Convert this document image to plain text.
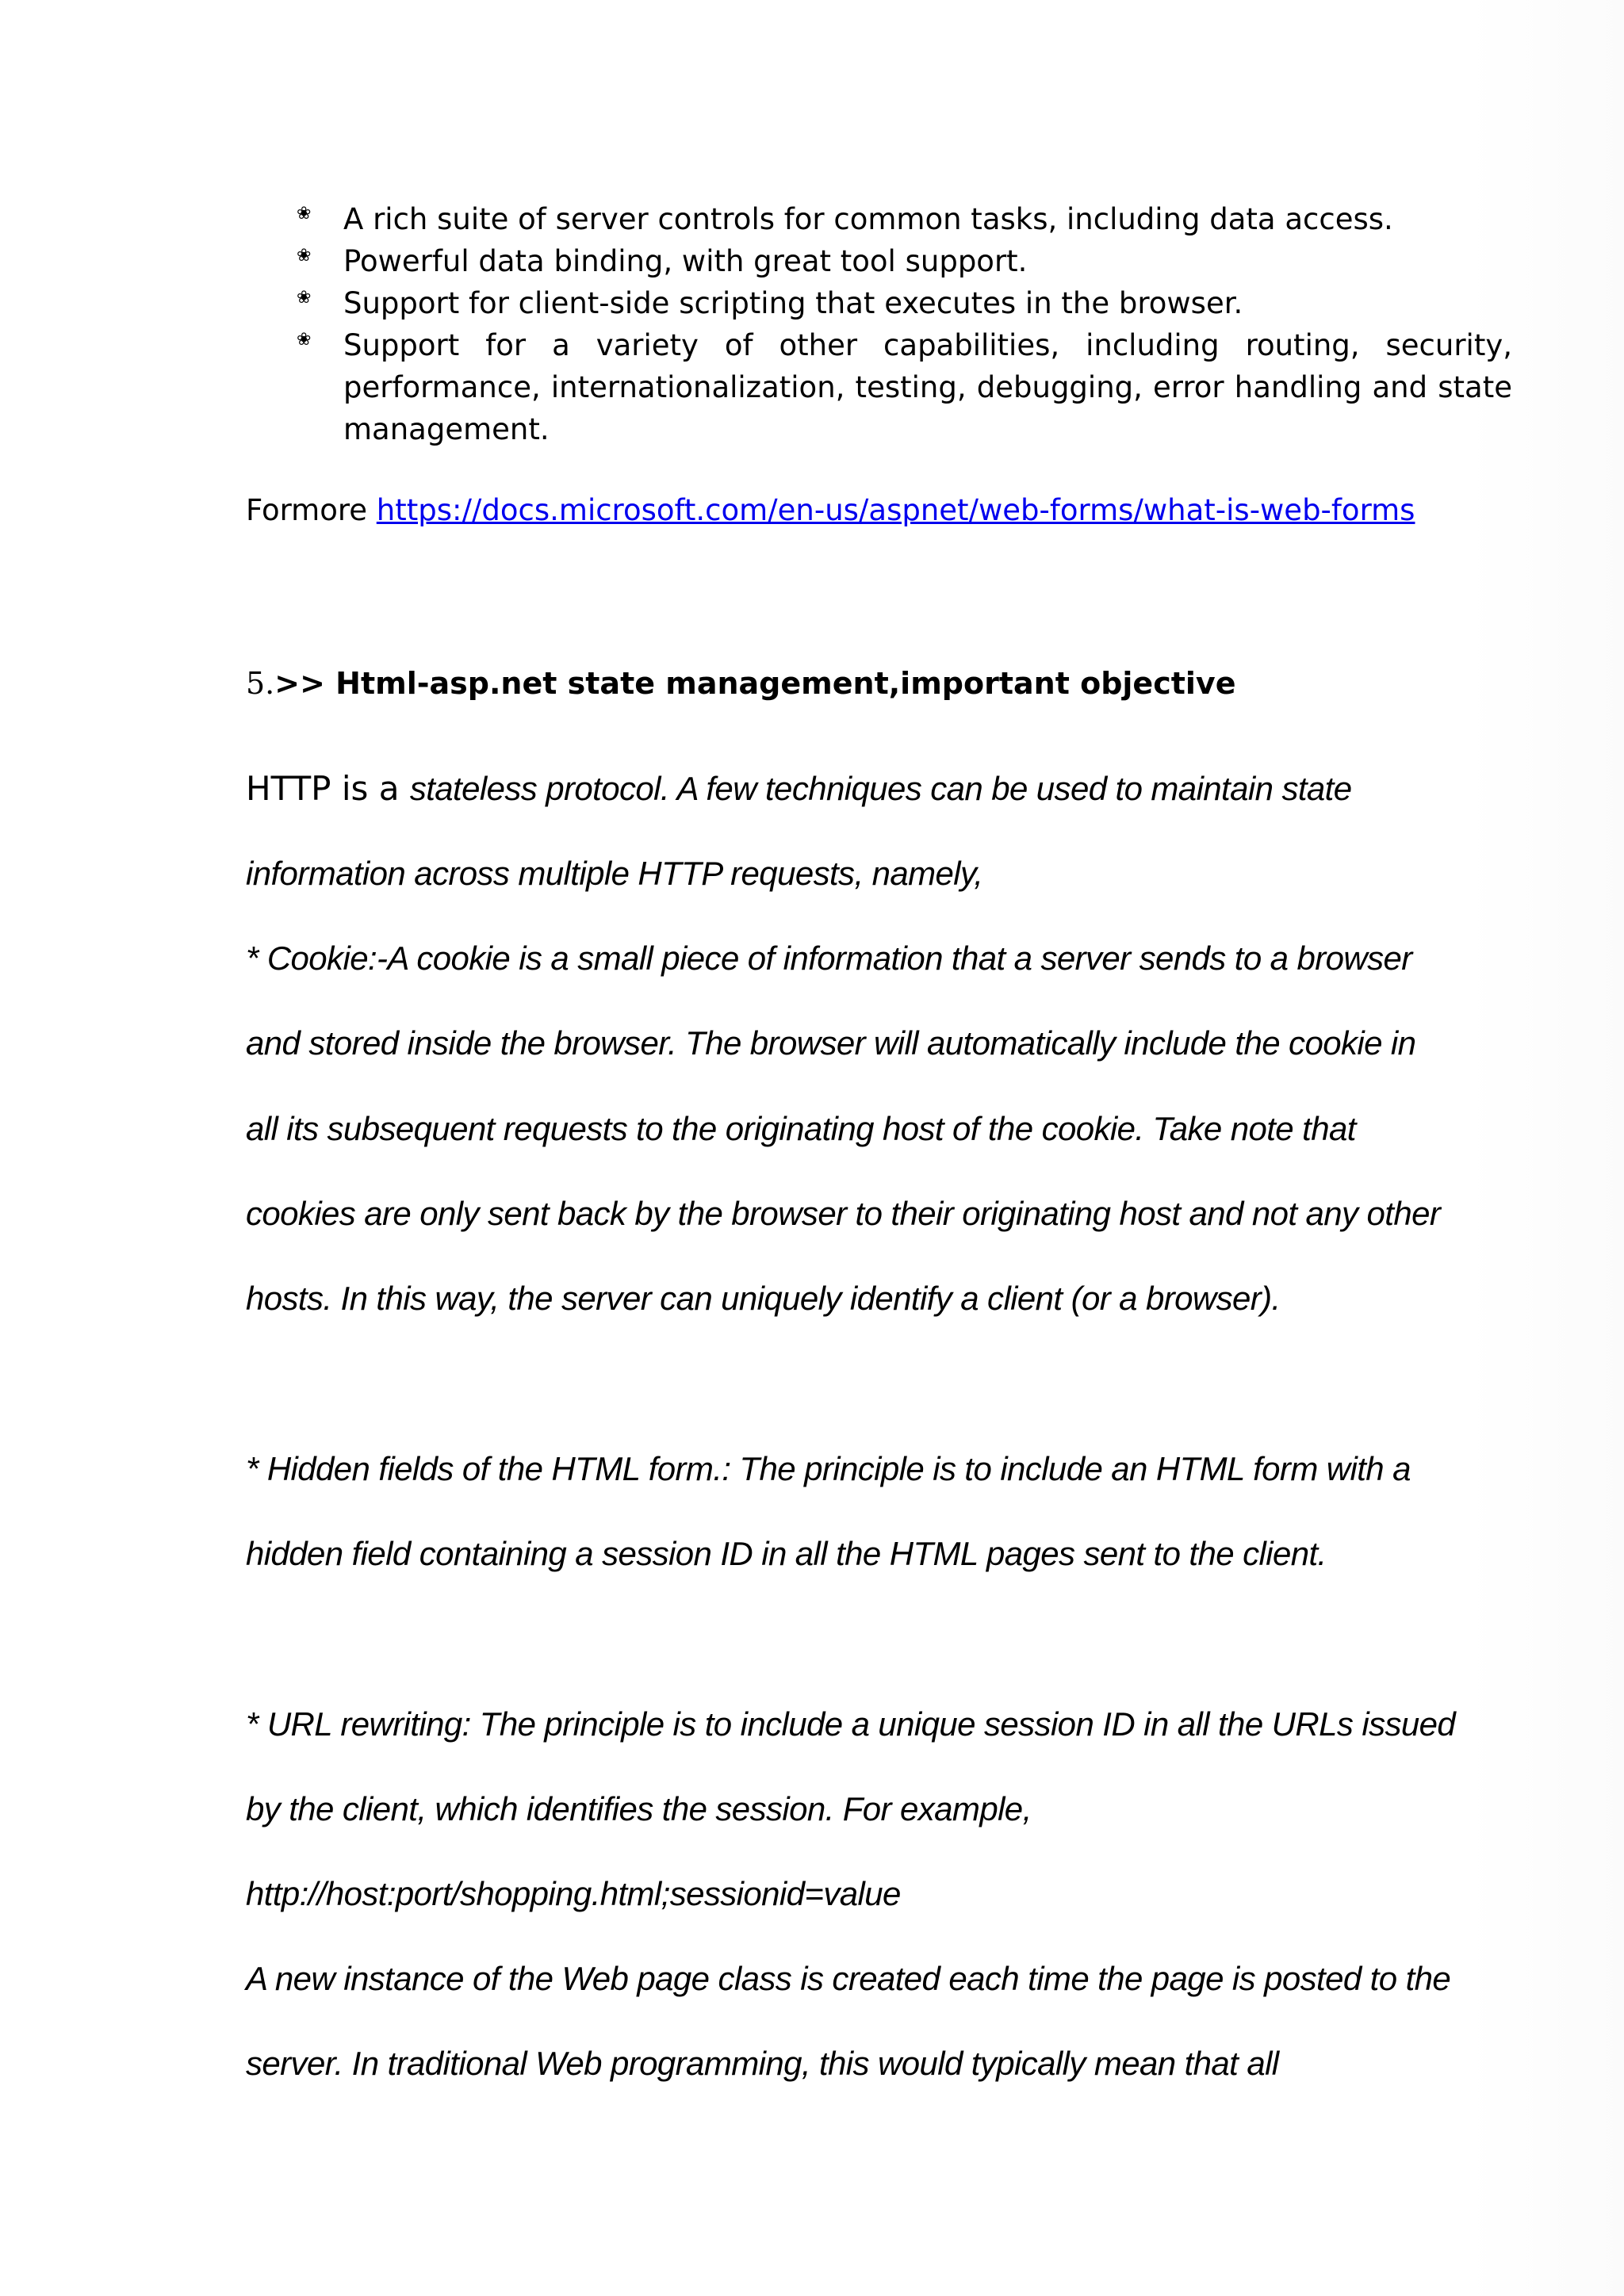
❀ A rich suite of server controls for common tasks, including data access.
❀ Powerful data binding, with great tool support.
❀ Support for client-side scripting that executes in the browser.
❀ Support for a variety of other capabilities, including routing, security, performance, internationalization, testing, debugging, error handling and state management.
Formore https://docs.microsoft.com/en-us/aspnet/web-forms/what-is-web-forms
5.>> Html-asp.net state management,important objective
HTTP is a stateless protocol. A few techniques can be used to maintain state
information across multiple HTTP requests, namely,
* Cookie:-A cookie is a small piece of information that a server sends to a browser
and stored inside the browser. The browser will automatically include the cookie in
all its subsequent requests to the originating host of the cookie. Take note that
cookies are only sent back by the browser to their originating host and not any other
hosts. In this way, the server can uniquely identify a client (or a browser).
* Hidden fields of the HTML form.: The principle is to include an HTML form with a
hidden field containing a session ID in all the HTML pages sent to the client.
* URL rewriting: The principle is to include a unique session ID in all the URLs issued
by the client, which identifies the session. For example,
http://host:port/shopping.html;sessionid=value
A new instance of the Web page class is created each time the page is posted to the
server. In traditional Web programming, this would typically mean that all
